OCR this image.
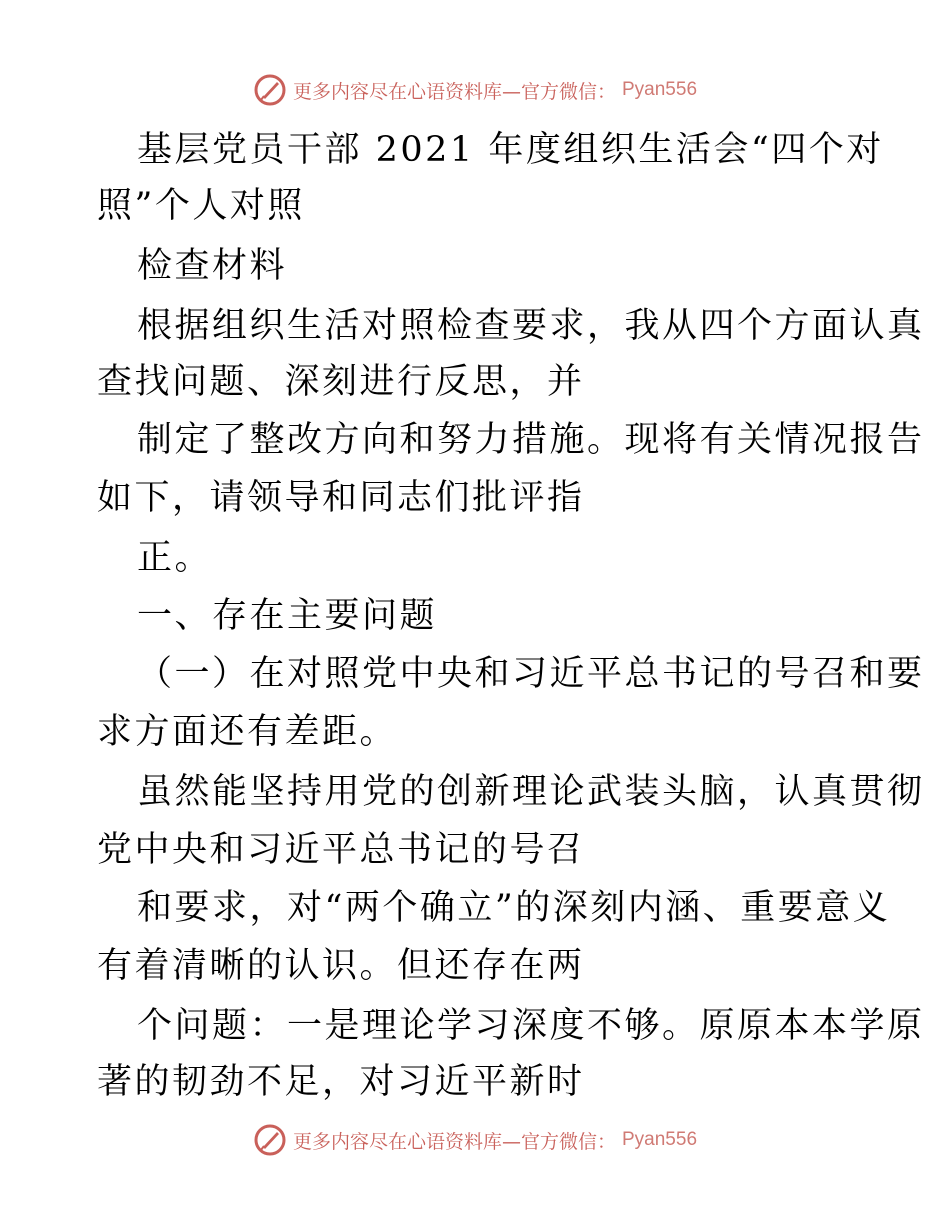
更多内容尽在心语资料库—官方微信： Pyan556
基层党员干部 2021 年度组织生活会“四个对
照”个人对照
检查材料
根据组织生活对照检查要求，我从四个方面认真
查找问题、深刻进行反思，并
制定了整改方向和努力措施。现将有关情况报告
如下，请领导和同志们批评指
正。
一、存在主要问题
（一）在对照党中央和习近平总书记的号召和要
求方面还有差距。
虽然能坚持用党的创新理论武装头脑，认真贯彻
党中央和习近平总书记的号召
和要求，对“两个确立”的深刻内涵、重要意义
有着清晰的认识。但还存在两
个问题：一是理论学习深度不够。原原本本学原
著的韧劲不足，对习近平新时
更多内容尽在心语资料库—官方微信： Pyan556
